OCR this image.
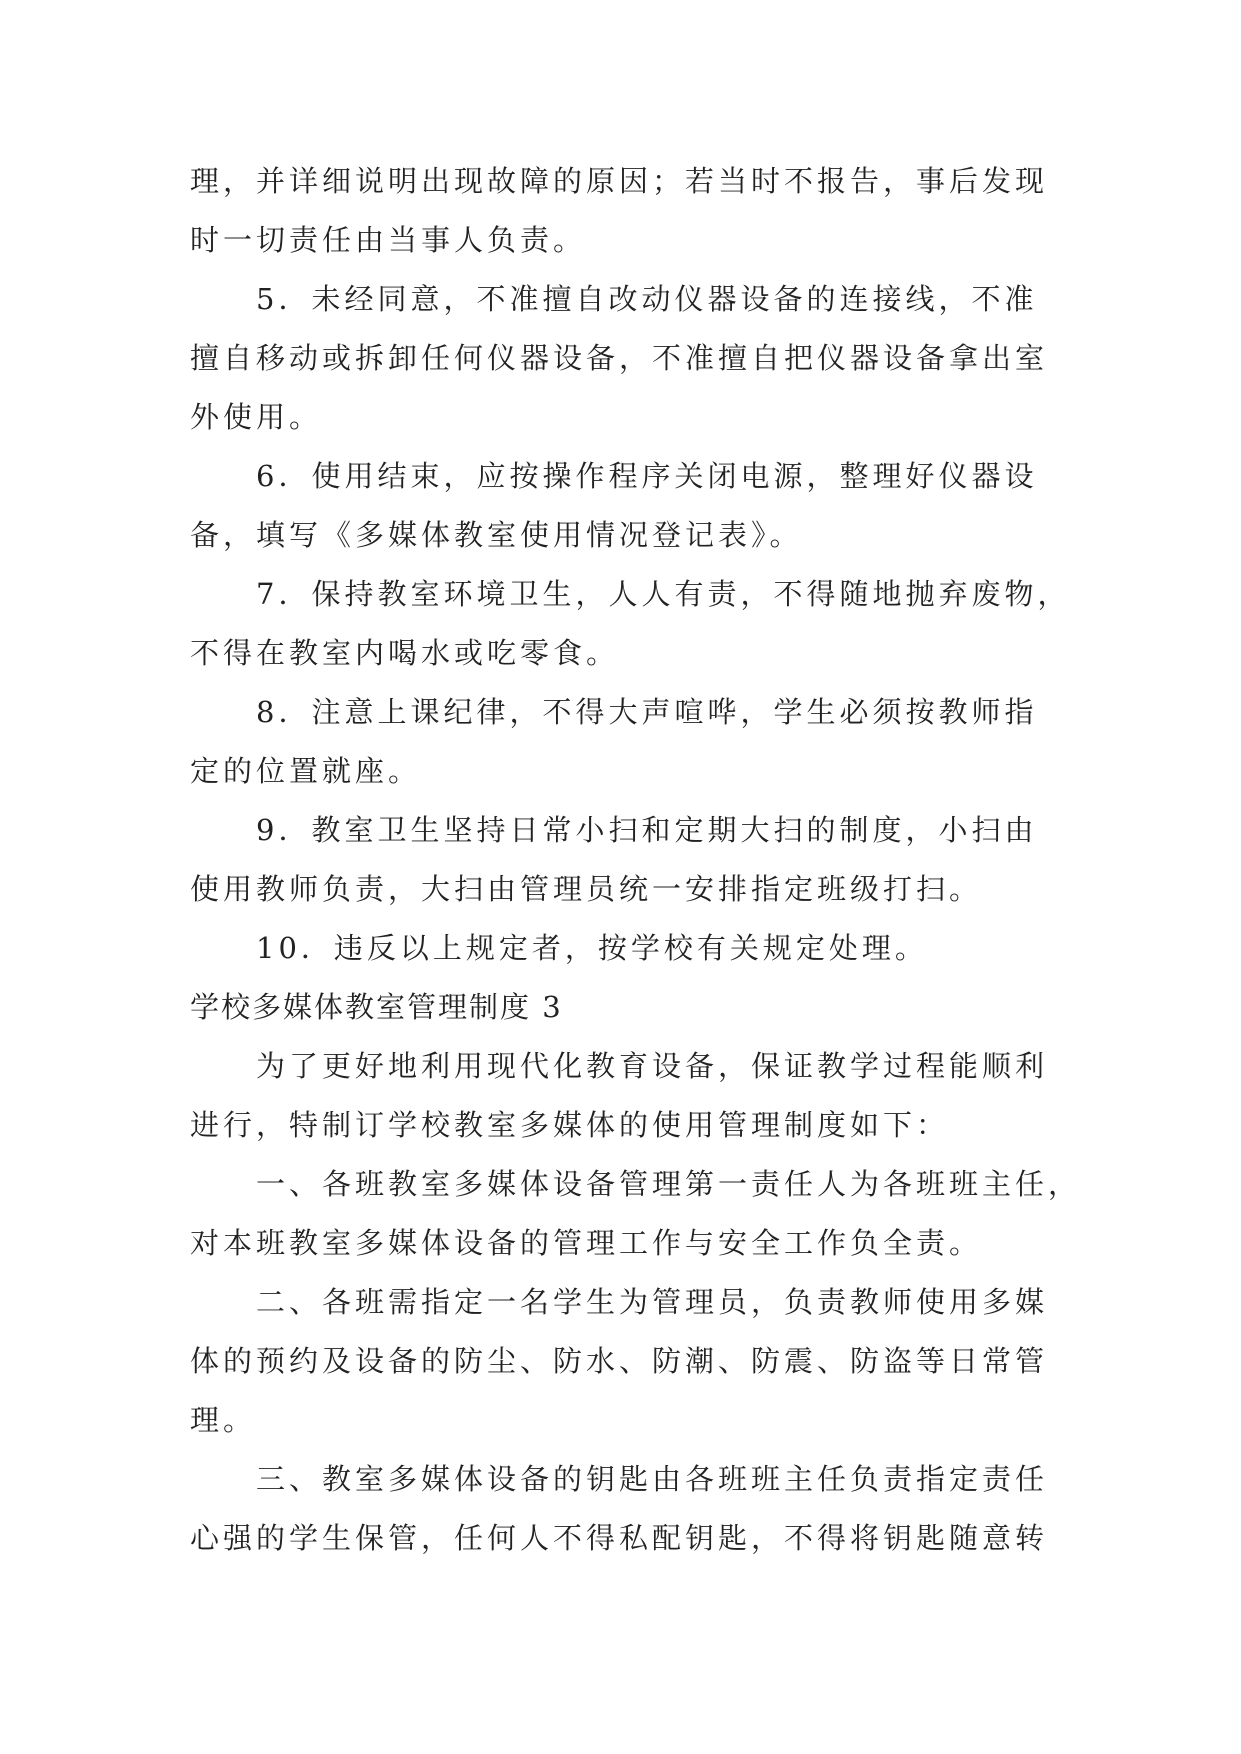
理，并详细说明出现故障的原因；若当时不报告，事后发现
时一切责任由当事人负责。
5．未经同意，不准擅自改动仪器设备的连接线，不准
擅自移动或拆卸任何仪器设备，不准擅自把仪器设备拿出室
外使用。
6．使用结束，应按操作程序关闭电源，整理好仪器设
备，填写《多媒体教室使用情况登记表》。
7．保持教室环境卫生，人人有责，不得随地抛弃废物，
不得在教室内喝水或吃零食。
8．注意上课纪律，不得大声喧哗，学生必须按教师指
定的位置就座。
9．教室卫生坚持日常小扫和定期大扫的制度，小扫由
使用教师负责，大扫由管理员统一安排指定班级打扫。
10．违反以上规定者，按学校有关规定处理。
学校多媒体教室管理制度 3
为了更好地利用现代化教育设备，保证教学过程能顺利
进行，特制订学校教室多媒体的使用管理制度如下：
一、各班教室多媒体设备管理第一责任人为各班班主任，
对本班教室多媒体设备的管理工作与安全工作负全责。
二、各班需指定一名学生为管理员，负责教师使用多媒
体的预约及设备的防尘、防水、防潮、防震、防盗等日常管
理。
三、教室多媒体设备的钥匙由各班班主任负责指定责任
心强的学生保管，任何人不得私配钥匙，不得将钥匙随意转
